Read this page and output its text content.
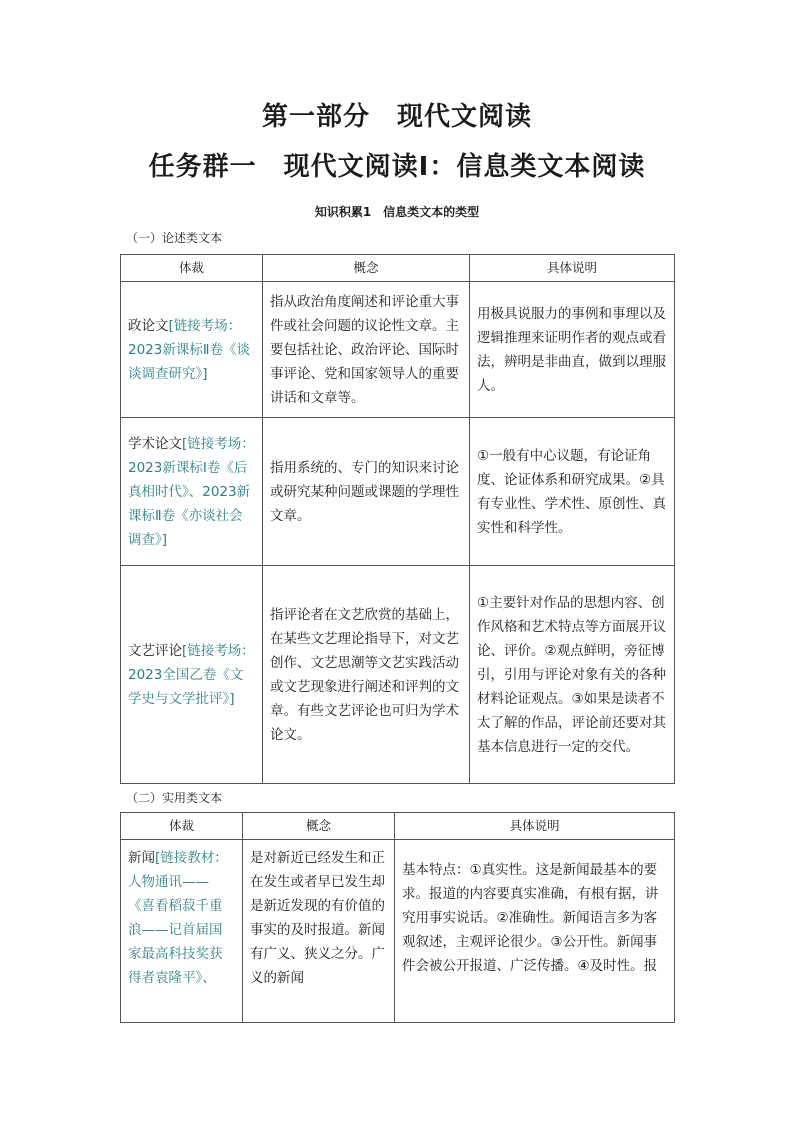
第一部分　现代文阅读
任务群一　现代文阅读Ⅰ：信息类文本阅读
知识积累1　信息类文本的类型
（一）论述类文本
体裁	概念	具体说明
政论文[链接考场：2023新课标Ⅱ卷《谈谈调查研究》]	指从政治角度阐述和评论重大事件或社会问题的议论性文章。主要包括社论、政治评论、国际时事评论、党和国家领导人的重要讲话和文章等。	用极具说服力的事例和事理以及逻辑推理来证明作者的观点或看法，辨明是非曲直，做到以理服人。
学术论文[链接考场：2023新课标Ⅰ卷《后真相时代》、2023新课标Ⅱ卷《亦谈社会调查》]	指用系统的、专门的知识来讨论或研究某种问题或课题的学理性文章。	①一般有中心议题，有论证角度、论证体系和研究成果。②具有专业性、学术性、原创性、真实性和科学性。
文艺评论[链接考场：2023全国乙卷《文学史与文学批评》]	指评论者在文艺欣赏的基础上，在某些文艺理论指导下，对文艺创作、文艺思潮等文艺实践活动或文艺现象进行阐述和评判的文章。有些文艺评论也可归为学术论文。	①主要针对作品的思想内容、创作风格和艺术特点等方面展开议论、评价。②观点鲜明，旁征博引，引用与评论对象有关的各种材料论证观点。③如果是读者不太了解的作品，评论前还要对其基本信息进行一定的交代。
（二）实用类文本
体裁	概念	具体说明

新闻[链接教材：人物通讯——《喜看稻菽千重浪——记首届国家最高科技奖获得者袁隆平》、	是对新近已经发生和正在发生或者早已发生却是新近发现的有价值的事实的及时报道。新闻有广义、狭义之分。广义的新闻	基本特点：①真实性。这是新闻最基本的要求。报道的内容要真实准确，有根有据，讲究用事实说话。②准确性。新闻语言多为客观叙述，主观评论很少。③公开性。新闻事件会被公开报道、广泛传播。④及时性。报
